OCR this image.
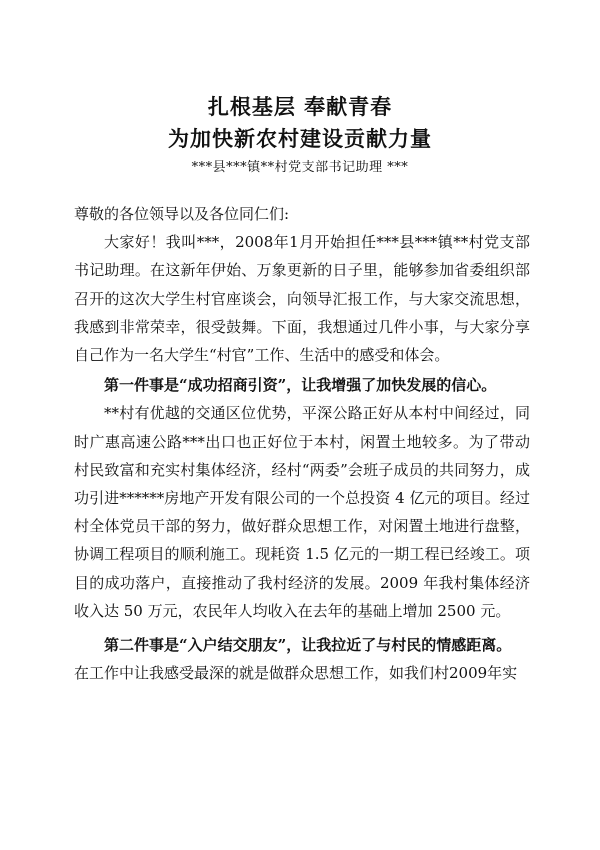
扎根基层 奉献青春
为加快新农村建设贡献力量
***县***镇**村党支部书记助理 ***

尊敬的各位领导以及各位同仁们:

大家好！我叫***，2008年1月开始担任***县***镇**村党支部书记助理。在这新年伊始、万象更新的日子里，能够参加省委组织部召开的这次大学生村官座谈会，向领导汇报工作，与大家交流思想，我感到非常荣幸，很受鼓舞。下面，我想通过几件小事，与大家分享自己作为一名大学生“村官”工作、生活中的感受和体会。

第一件事是“成功招商引资”，让我增强了加快发展的信心。

**村有优越的交通区位优势，平深公路正好从本村中间经过，同时广惠高速公路***出口也正好位于本村，闲置土地较多。为了带动村民致富和充实村集体经济，经村“两委”会班子成员的共同努力，成功引进******房地产开发有限公司的一个总投资 4 亿元的项目。经过村全体党员干部的努力，做好群众思想工作，对闲置土地进行盘整，协调工程项目的顺利施工。现耗资 1.5 亿元的一期工程已经竣工。项目的成功落户，直接推动了我村经济的发展。2009 年我村集体经济收入达 50 万元，农民年人均收入在去年的基础上增加 2500 元。

第二件事是“入户结交朋友”，让我拉近了与村民的情感距离。

在工作中让我感受最深的就是做群众思想工作，如我们村2009年实
